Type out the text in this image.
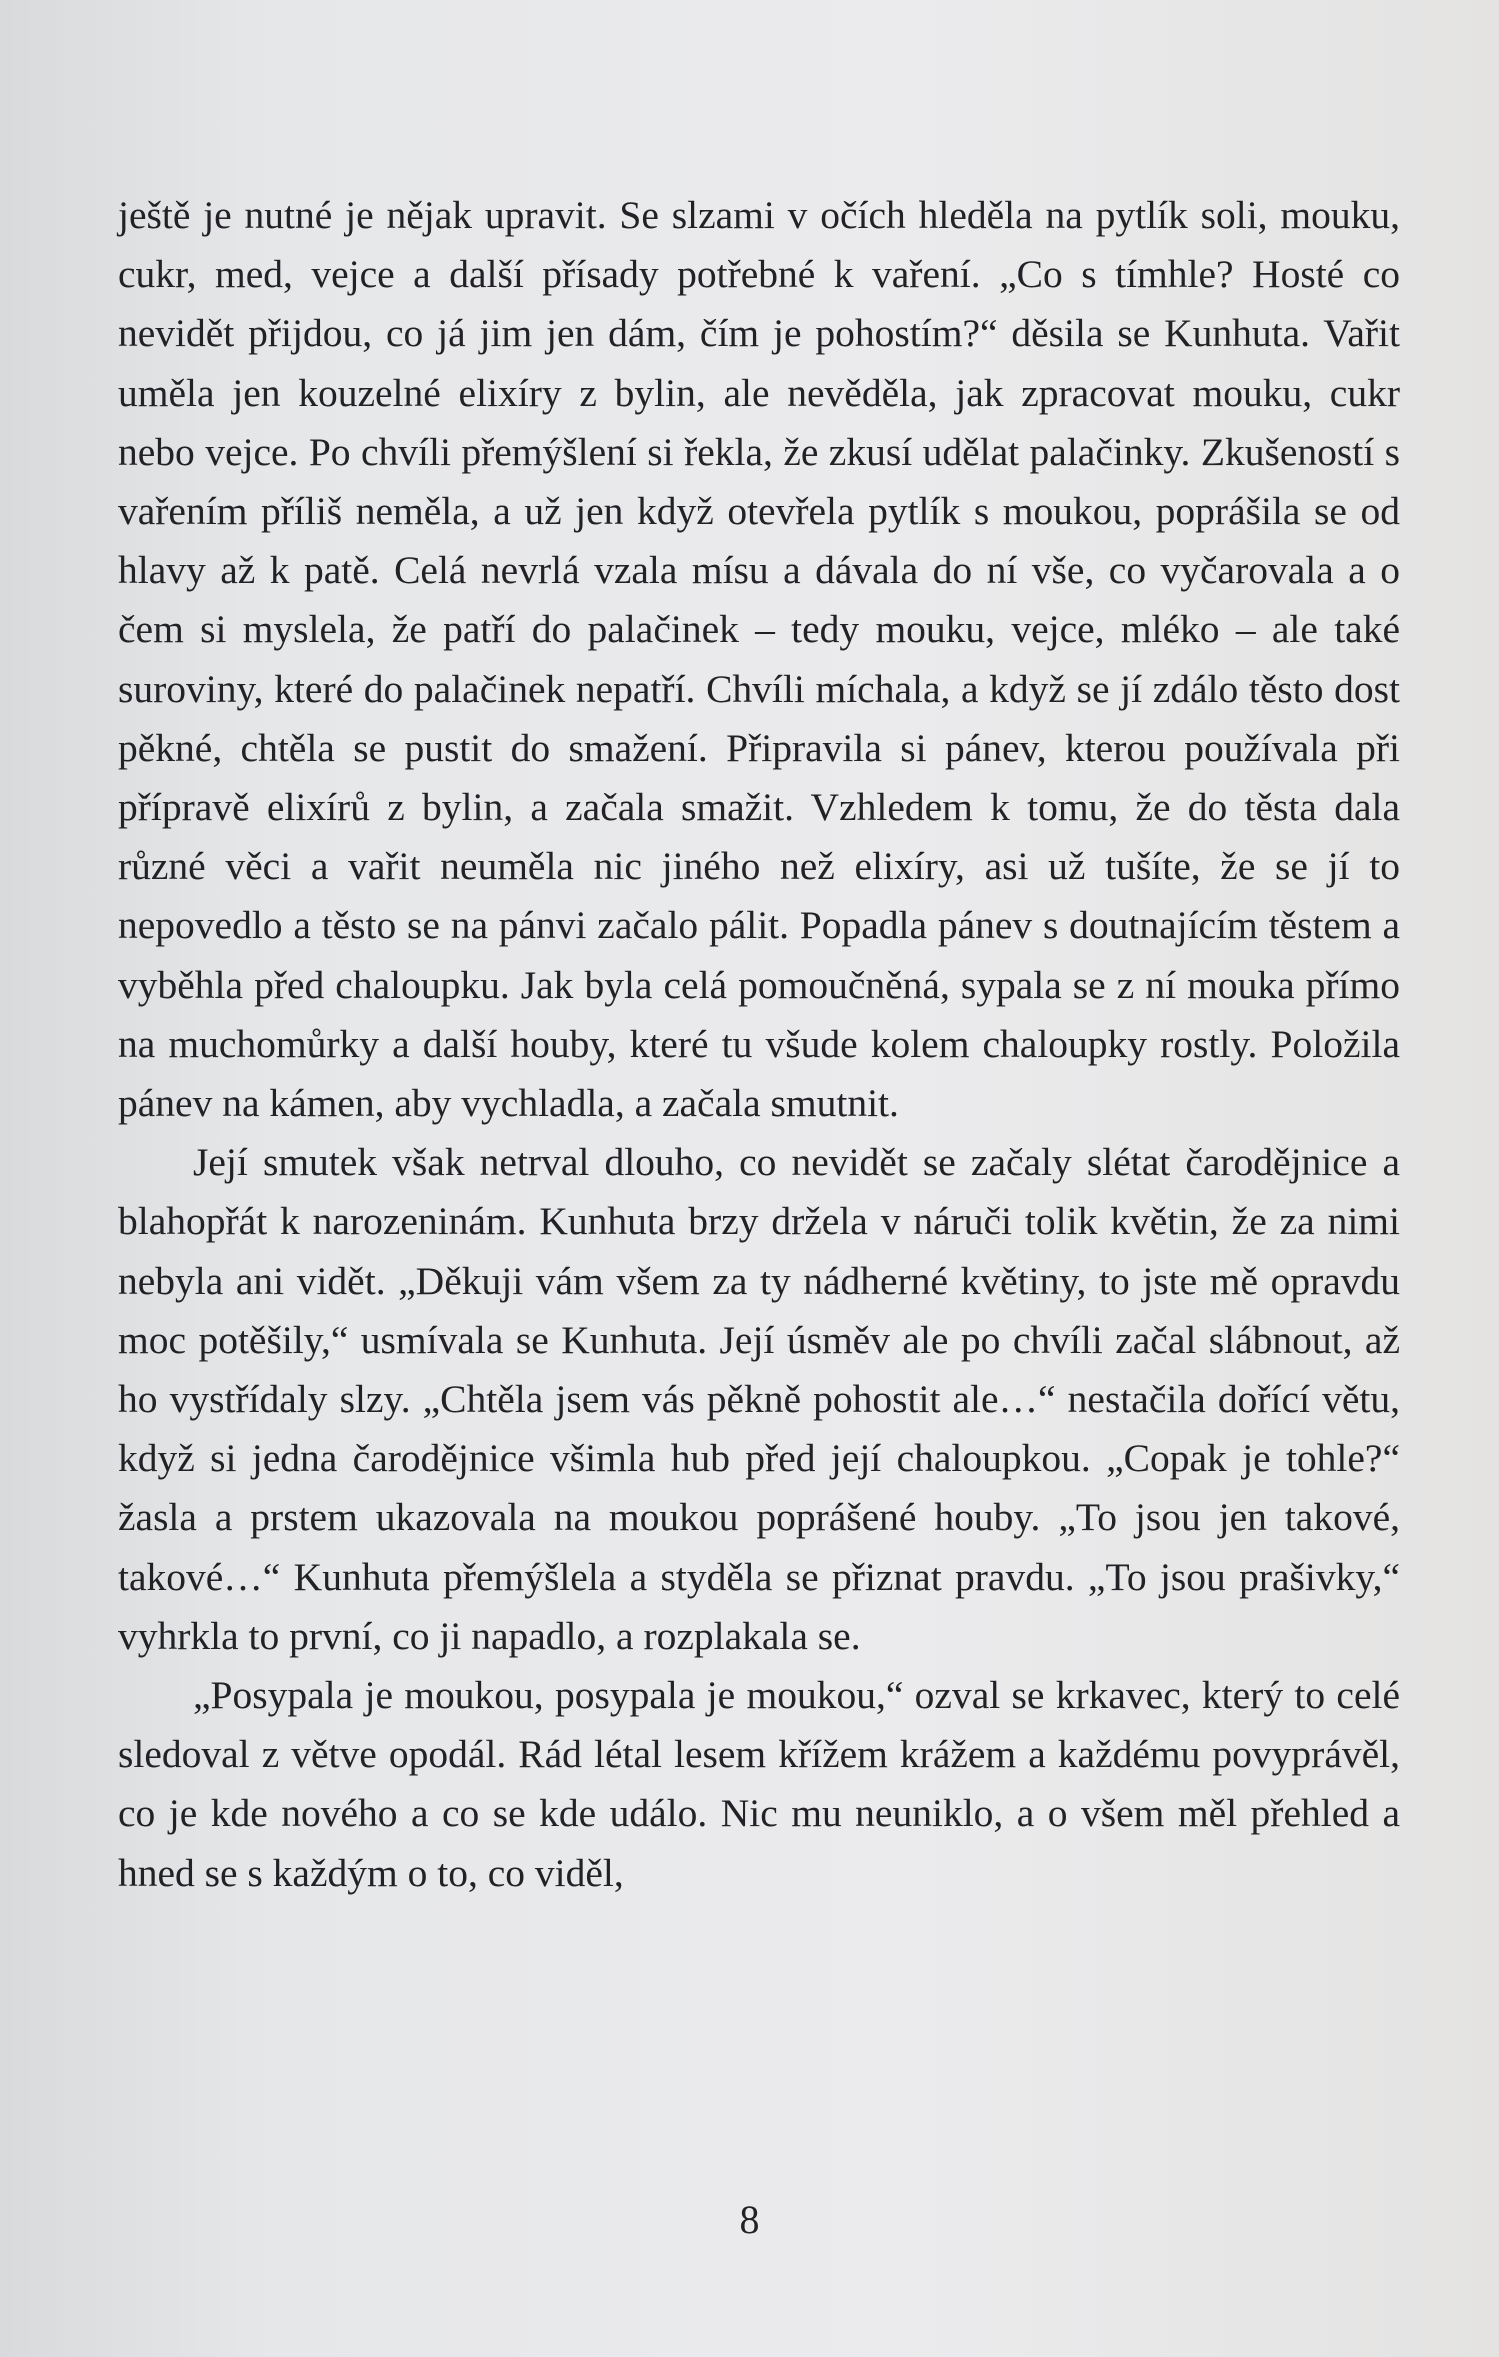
ještě je nutné je nějak upravit. Se slzami v očích hleděla na pytlík soli, mouku, cukr, med, vejce a další přísady potřebné k vaření. „Co s tímhle? Hosté co nevidět přijdou, co já jim jen dám, čím je pohostím?“ děsila se Kunhuta. Vařit uměla jen kouzelné elixíry z bylin, ale nevěděla, jak zpracovat mouku, cukr nebo vejce. Po chvíli přemýšlení si řekla, že zkusí udělat palačinky. Zkušeností s vařením příliš neměla, a už jen když otevřela pytlík s moukou, poprášila se od hlavy až k patě. Celá nevrlá vzala mísu a dávala do ní vše, co vyčarovala a o čem si myslela, že patří do palačinek – tedy mouku, vejce, mléko – ale také suroviny, které do palačinek nepatří. Chvíli míchala, a když se jí zdálo těsto dost pěkné, chtěla se pustit do smažení. Připravila si pánev, kterou používala při přípravě elixírů z bylin, a začala smažit. Vzhledem k tomu, že do těsta dala různé věci a vařit neuměla nic jiného než elixíry, asi už tušíte, že se jí to nepovedlo a těsto se na pánvi začalo pálit. Popadla pánev s doutnajícím těstem a vyběhla před chaloupku. Jak byla celá pomoučněná, sypala se z ní mouka přímo na muchomůrky a další houby, které tu všude kolem chaloupky rostly. Položila pánev na kámen, aby vychladla, a začala smutnit.

Její smutek však netrval dlouho, co nevidět se začaly slétat čarodějnice a blahopřát k narozeninám. Kunhuta brzy držela v náruči tolik květin, že za nimi nebyla ani vidět. „Děkuji vám všem za ty nádherné květiny, to jste mě opravdu moc potěšily,“ usmívala se Kunhuta. Její úsměv ale po chvíli začal slábnout, až ho vystřídaly slzy. „Chtěla jsem vás pěkně pohostit ale…“ nestačila dořící větu, když si jedna čarodějnice všimla hub před její chaloupkou. „Copak je tohle?“ žasla a prstem ukazovala na moukou poprášené houby. „To jsou jen takové, takové…“ Kunhuta přemýšlela a styděla se přiznat pravdu. „To jsou prašivky,“ vyhrkla to první, co ji napadlo, a rozplakala se.

„Posypala je moukou, posypala je moukou,“ ozval se krkavec, který to celé sledoval z větve opodál. Rád létal lesem křížem krážem a každému povyprávěl, co je kde nového a co se kde událo. Nic mu neuniklo, a o všem měl přehled a hned se s každým o to, co viděl,

8
